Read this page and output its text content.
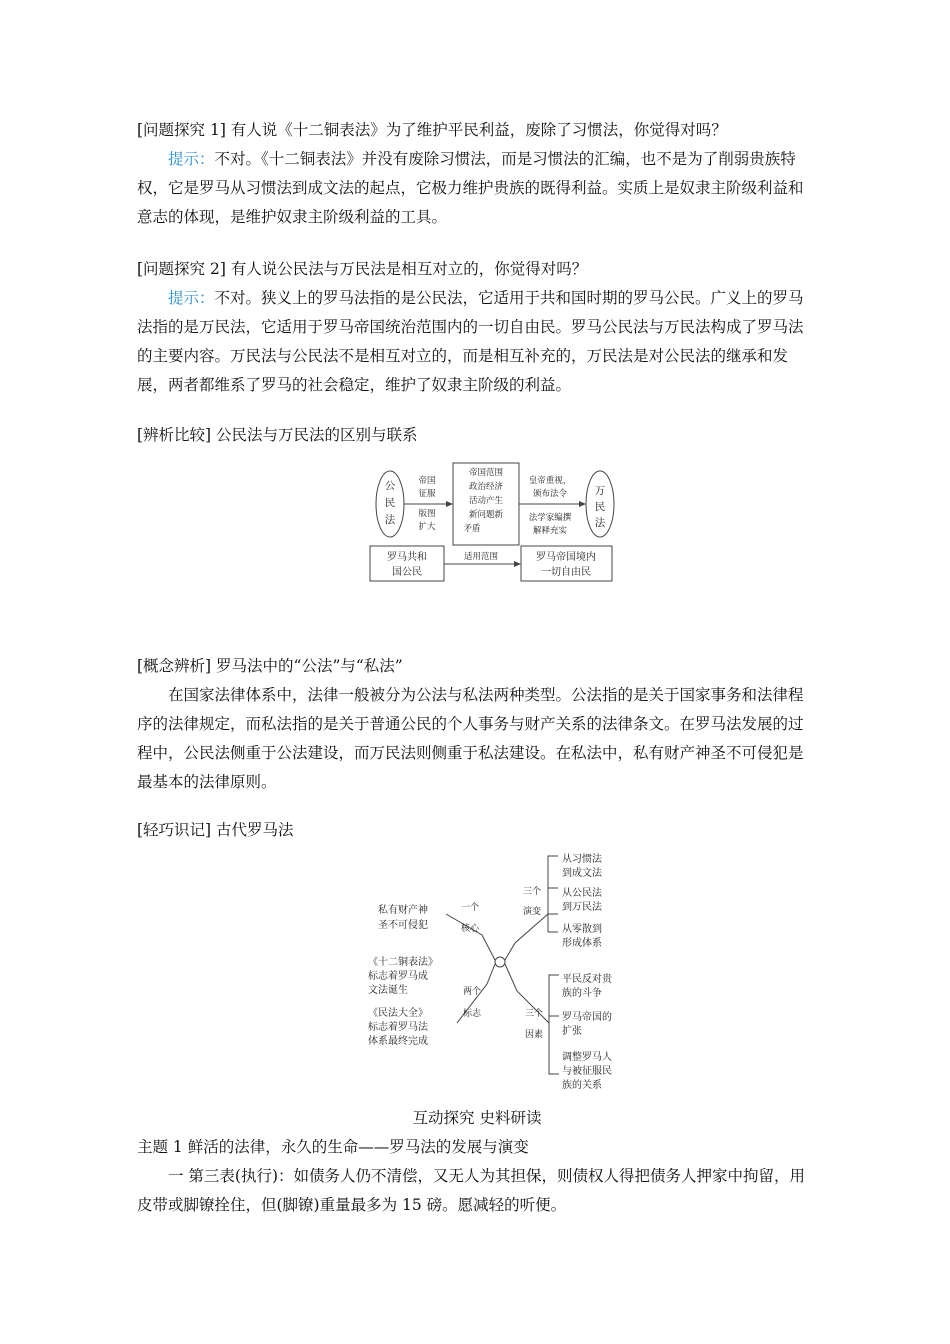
[问题探究 1] 有人说《十二铜表法》为了维护平民利益，废除了习惯法，你觉得对吗？

提示：不对。《十二铜表法》并没有废除习惯法，而是习惯法的汇编，也不是为了削弱贵族特权，它是罗马从习惯法到成文法的起点，它极力维护贵族的既得利益。实质上是奴隶主阶级利益和意志的体现，是维护奴隶主阶级利益的工具。

[问题探究 2] 有人说公民法与万民法是相互对立的，你觉得对吗？

提示：不对。狭义上的罗马法指的是公民法，它适用于共和国时期的罗马公民。广义上的罗马法指的是万民法，它适用于罗马帝国统治范围内的一切自由民。罗马公民法与万民法构成了罗马法的主要内容。万民法与公民法不是相互对立的，而是相互补充的，万民法是对公民法的继承和发展，两者都维系了罗马的社会稳定，维护了奴隶主阶级的利益。

[辨析比较] 公民法与万民法的区别与联系

公
民
法
万
民
法
帝国
征服
版图
扩大
帝国范围
政治经济
活动产生
新问题新
矛盾
皇帝重视，
颁布法令
法学家编撰
解释充实
适用范围
罗马共和
国公民
罗马帝国境内
一切自由民

[概念辨析] 罗马法中的“公法”与“私法”

在国家法律体系中，法律一般被分为公法与私法两种类型。公法指的是关于国家事务和法律程序的法律规定，而私法指的是关于普通公民的个人事务与财产关系的法律条文。在罗马法发展的过程中，公民法侧重于公法建设，而万民法则侧重于私法建设。在私法中，私有财产神圣不可侵犯是最基本的法律原则。

[轻巧识记] 古代罗马法

一个
核心
两个
标志
三个
演变
三个
因素
私有财产神
圣不可侵犯
《十二铜表法》
标志着罗马成
文法诞生
《民法大全》
标志着罗马法
体系最终完成
从习惯法
到成文法
从公民法
到万民法
从零散到
形成体系
平民反对贵
族的斗争
罗马帝国的
扩张
调整罗马人
与被征服民
族的关系

互动探究 史料研读

主题 1 鲜活的法律，永久的生命——罗马法的发展与演变

一 第三表(执行)：如债务人仍不清偿，又无人为其担保，则债权人得把债务人押家中拘留，用皮带或脚镣拴住，但(脚镣)重量最多为 15 磅。愿减轻的听便。
